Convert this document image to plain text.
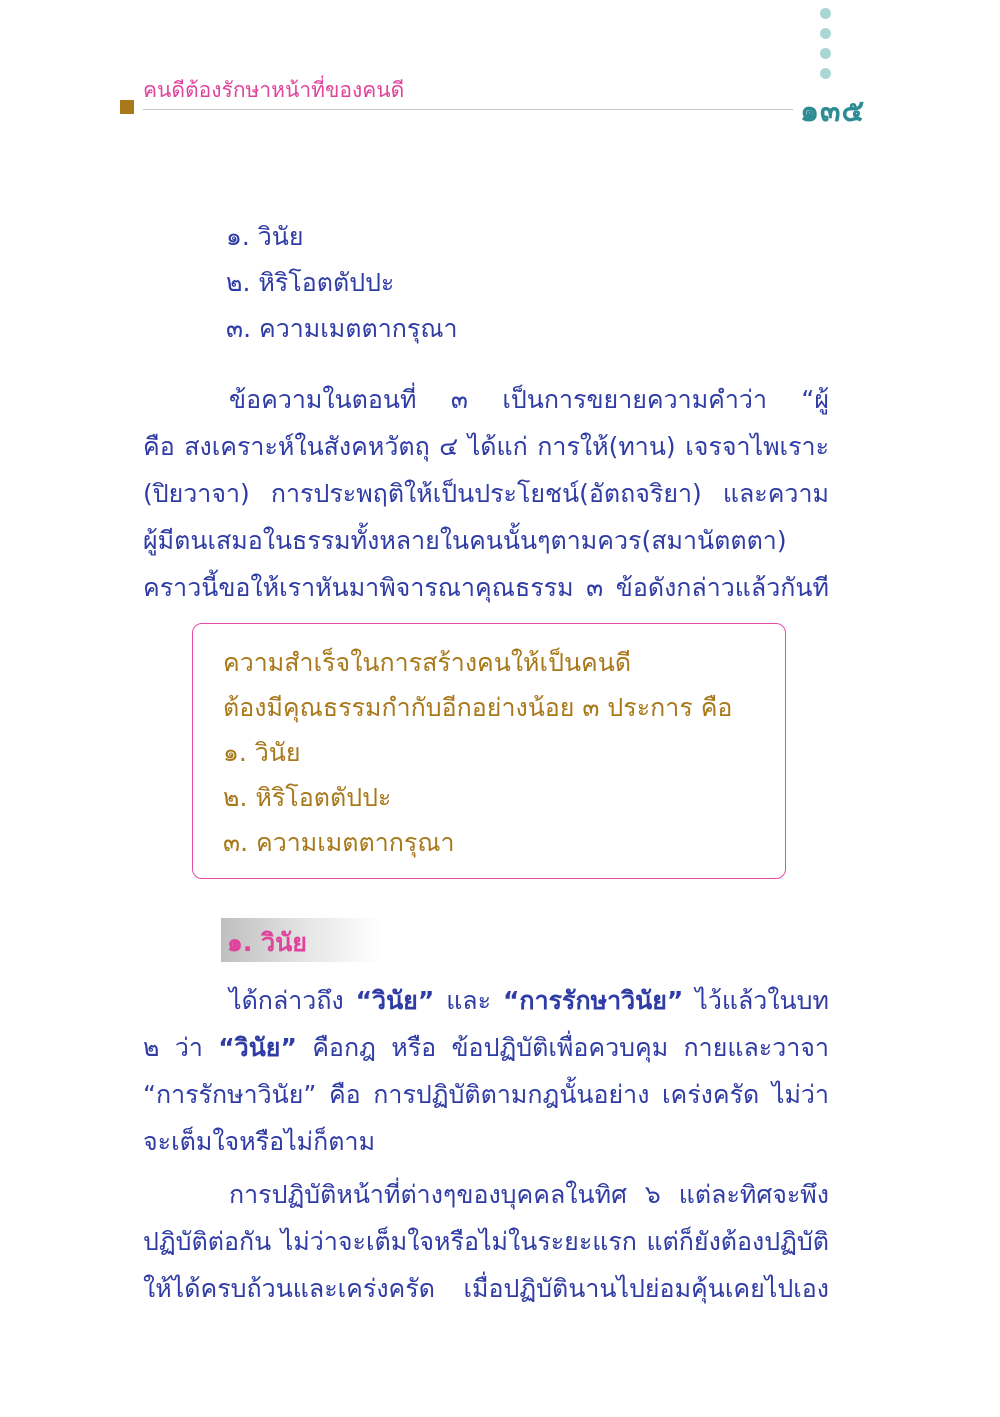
คนดีต้องรักษาหน้าที่ของคนดี
๑๓๕
๑. วินัย
๒. หิริโอตตัปปะ
๓. ความเมตตากรุณา
ข้อความในตอนที่ ๓ เป็นการขยายความคำว่า “ผู้
คือ สงเคราะห์ในสังคหวัตถุ ๔ ได้แก่ การให้(ทาน) เจรจาไพเราะ
(ปิยวาจา) การประพฤติให้เป็นประโยชน์(อัตถจริยา) และความ
ผู้มีตนเสมอในธรรมทั้งหลายในคนนั้นๆตามควร(สมานัตตตา)
คราวนี้ขอให้เราหันมาพิจารณาคุณธรรม ๓ ข้อดังกล่าวแล้วกันที
ความสำเร็จในการสร้างคนให้เป็นคนดี
ต้องมีคุณธรรมกำกับอีกอย่างน้อย ๓ ประการ คือ
๑. วินัย
๒. หิริโอตตัปปะ
๓. ความเมตตากรุณา
๑. วินัย
ได้กล่าวถึง “วินัย” และ “การรักษาวินัย” ไว้แล้วในบท
๒ ว่า “วินัย” คือกฎ หรือ ข้อปฏิบัติเพื่อควบคุม กายและวาจา
“การรักษาวินัย” คือ การปฏิบัติตามกฎนั้นอย่าง เคร่งครัด ไม่ว่า
จะเต็มใจหรือไม่ก็ตาม
การปฏิบัติหน้าที่ต่างๆของบุคคลในทิศ ๖ แต่ละทิศจะพึง
ปฏิบัติต่อกัน ไม่ว่าจะเต็มใจหรือไม่ในระยะแรก แต่ก็ยังต้องปฏิบัติ
ให้ได้ครบถ้วนและเคร่งครัด เมื่อปฏิบัตินานไปย่อมคุ้นเคยไปเอง
